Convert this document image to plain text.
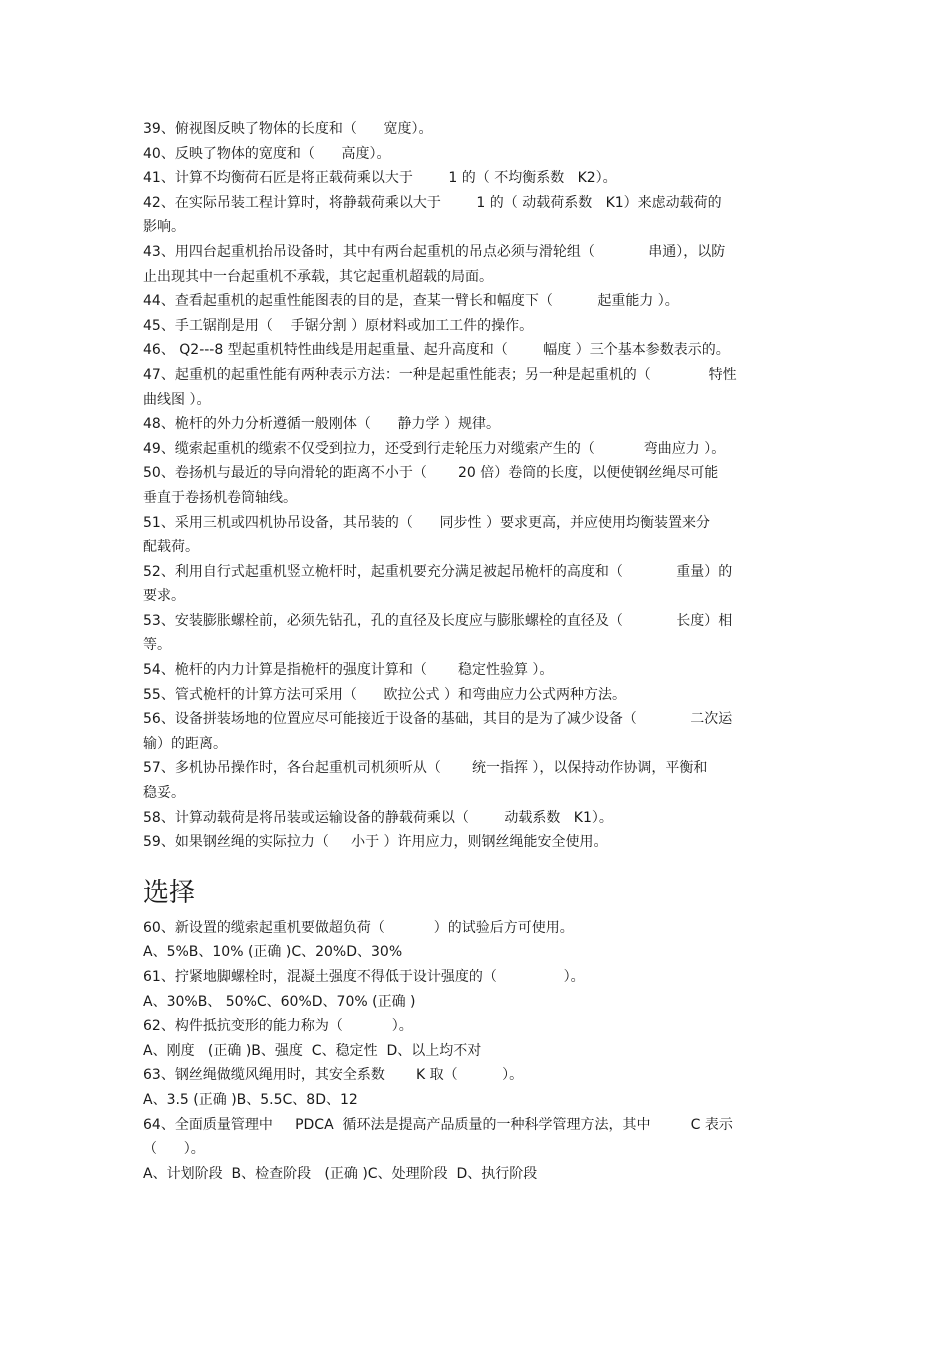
39、俯视图反映了物体的长度和（      宽度）。

40、反映了物体的宽度和（      高度）。

41、计算不均衡荷石匠是将正载荷乘以大于        1 的（ 不均衡系数   K2）。

42、在实际吊装工程计算时，将静载荷乘以大于        1 的（ 动载荷系数   K1）来虑动载荷的

影响。

43、用四台起重机抬吊设备时，其中有两台起重机的吊点必须与滑轮组（            串通），以防

止出现其中一台起重机不承载，其它起重机超载的局面。

44、查看起重机的起重性能图表的目的是，查某一臂长和幅度下（          起重能力 ）。

45、手工锯削是用（    手锯分割 ）原材料或加工工件的操作。

46、 Q2---8 型起重机特性曲线是用起重量、起升高度和（        幅度 ）三个基本参数表示的。

47、起重机的起重性能有两种表示方法：一种是起重性能表；另一种是起重机的（             特性

曲线图 ）。

48、桅杆的外力分析遵循一般刚体（      静力学 ）规律。

49、缆索起重机的缆索不仅受到拉力，还受到行走轮压力对缆索产生的（           弯曲应力 ）。

50、卷扬机与最近的导向滑轮的距离不小于（       20 倍）卷筒的长度，以便使钢丝绳尽可能

垂直于卷扬机卷筒轴线。

51、采用三机或四机协吊设备，其吊装的（      同步性 ）要求更高，并应使用均衡装置来分

配载荷。

52、利用自行式起重机竖立桅杆时，起重机要充分满足被起吊桅杆的高度和（            重量）的

要求。

53、安装膨胀螺栓前，必须先钻孔，孔的直径及长度应与膨胀螺栓的直径及（            长度）相

等。

54、桅杆的内力计算是指桅杆的强度计算和（       稳定性验算 ）。

55、管式桅杆的计算方法可采用（      欧拉公式 ）和弯曲应力公式两种方法。

56、设备拼装场地的位置应尽可能接近于设备的基础，其目的是为了减少设备（            二次运

输）的距离。

57、多机协吊操作时，各台起重机司机须听从（       统一指挥 ），以保持动作协调，平衡和

稳妥。

58、计算动载荷是将吊装或运输设备的静载荷乘以（        动载系数   K1）。

59、如果钢丝绳的实际拉力（     小于 ）许用应力，则钢丝绳能安全使用。

选择

60、新设置的缆索起重机要做超负荷（           ）的试验后方可使用。

A、5%B、10% (正确 )C、20%D、30%

61、拧紧地脚螺栓时，混凝土强度不得低于设计强度的（               ）。

A、30%B、 50%C、60%D、70% (正确 )

62、构件抵抗变形的能力称为（           ）。

A、刚度   (正确 )B、强度  C、稳定性  D、以上均不对

63、钢丝绳做缆风绳用时，其安全系数       K 取（          ）。

A、3.5 (正确 )B、5.5C、8D、12

64、全面质量管理中     PDCA  循环法是提高产品质量的一种科学管理方法，其中         C 表示

（      ）。

A、计划阶段  B、检查阶段   (正确 )C、处理阶段  D、执行阶段
